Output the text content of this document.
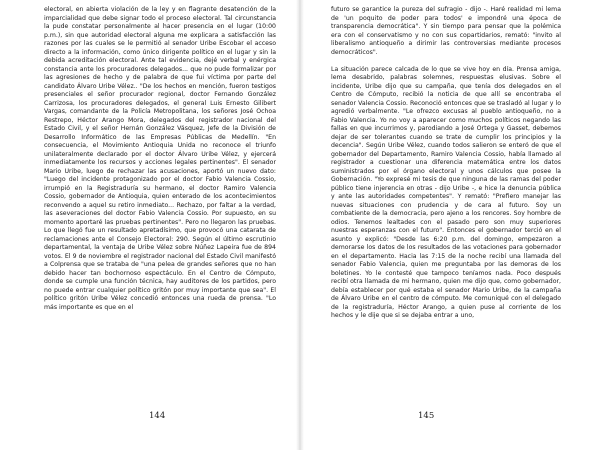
electoral, en abierta violación de la ley y en flagrante desatención de la imparcialidad que debe signar todo el proceso electoral. Tal circunstancia la pude constatar personalmente al hacer presencia en el lugar (10:00 p.m.), sin que autoridad electoral alguna me explicara a satisfacción las razones por las cuales se le permitió al senador Uribe Escobar el acceso directo a la información, como único dirigente político en el lugar y sin la debida acreditación electoral. Ante tal evidencia, dejé verbal y enérgica constancia ante los procuradores delegados... que no pude formalizar por las agresiones de hecho y de palabra de que fui víctima por parte del candidato Álvaro Uribe Vélez.. "De los hechos en mención, fueron testigos presenciales el señor procurador regional, doctor Fernando González Carrizosa, los procuradores delegados, el general Luis Ernesto Gilibert Vargas, comandante de la Policía Metropolitana, los señores José Ochoa Restrepo, Héctor Arango Mora, delegados del registrador nacional del Estado Civil, y el señor Hernán González Vásquez, Jefe de la División de Desarrollo Informático de las Empresas Públicas de Medellín. "En consecuencia, el Movimiento Antioquia Unida no reconoce el triunfo unilateralmente declarado por el doctor Álvaro Uribe Vélez, y ejercerá inmediatamente los recursos y acciones legales pertinentes". El senador Mario Uribe, luego de rechazar las acusaciones, aportó un nuevo dato: "Luego del incidente protagonizado por el doctor Fabio Valencia Cossio, irrumpió en la Registraduría su hermano, el doctor Ramiro Valencia Cossio, gobernador de Antioquia, quien enterado de los acontecimientos reconvendo a aquel su retiro inmediato... Rechazo, por faltar a la verdad, las aseveraciones del doctor Fabio Valencia Cossio. Por supuesto, en su momento aportaré las pruebas pertinentes". Pero no llegaron las pruebas. Lo que llegó fue un resultado apretadísimo, que provocó una catarata de reclamaciones ante el Consejo Electoral: 290. Según el último escrutinio departamental, la ventaja de Uribe Vélez sobre Núñez Lapeira fue de 894 votos. El 9 de noviembre el registrador nacional del Estado Civil manifestó a Colprensa que se trataba de "una pelea de grandes señores que no han debido hacer tan bochornoso espectáculo. En el Centro de Cómputo, donde se cumple una función técnica, hay auditores de los partidos, pero no puede entrar cualquier político gritón por muy importante que sea". El político gritón Uribe Vélez concedió entonces una rueda de prensa. "Lo más importante es que en el

144

futuro se garantice la pureza del sufragio - dijo -. Haré realidad mi lema de 'un poquito de poder para todos' e impondré una época de transparencia democrática". Y sin tiempo para pensar que la polémica era con el conservatismo y no con sus copartidarios, remató: "invito al liberalismo antioqueño a dirimir las controversias mediante procesos democráticos".

La situación parece calcada de lo que se vive hoy en día. Prensa amiga, lema desabrido, palabras solemnes, respuestas elusivas. Sobre el incidente, Uribe dijo que su campaña, que tenía dos delegados en el Centro de Cómputo, recibió la noticia de que allí se encontraba el senador Valencia Cossio. Reconoció entonces que se trasladó al lugar y lo agredió verbalmente. "Le ofrezco excusas al pueblo antioqueño, no a Fabio Valencia. Yo no voy a aparecer como muchos políticos negando las fallas en que incurrimos y, parodiando a José Ortega y Gasset, debemos dejar de ser tolerantes cuando se trate de cumplir los principios y la decencia". Según Uribe Vélez, cuando todos salieron se enteró de que el gobernador del Departamento, Ramiro Valencia Cossio, había llamado al registrador a cuestionar una diferencia matemática entre los datos suministrados por el órgano electoral y unos cálculos que posee la Gobernación. "Yo expresé mi tesis de que ninguna de las ramas del poder público tiene injerencia en otras - dijo Uribe -, e hice la denuncia pública y ante las autoridades competentes". Y remató: "Prefiero manejar las nuevas situaciones con prudencia y de cara al futuro. Soy un combatiente de la democracia, pero ajeno a los rencores. Soy hombre de odios. Tenemos lealtades con el pasado pero son muy superiores nuestras esperanzas con el futuro". Entonces el gobernador terció en el asunto y explicó: "Desde las 6:20 p.m. del domingo, empezaron a demorarse los datos de los resultados de las votaciones para gobernador en el departamento. Hacia las 7:15 de la noche recibí una llamada del senador Fabio Valencia, quien me preguntaba por las demoras de los boletines. Yo le contesté que tampoco teníamos nada. Poco después recibí otra llamada de mi hermano, quien me dijo que, como gobernador, debía establecer por qué estaba el senador Mario Uribe, de la campaña de Álvaro Uribe en el centro de cómputo. Me comuniqué con el delegado de la registraduría, Héctor Arango, a quien puse al corriente de los hechos y le dije que si se dejaba entrar a uno,

145
